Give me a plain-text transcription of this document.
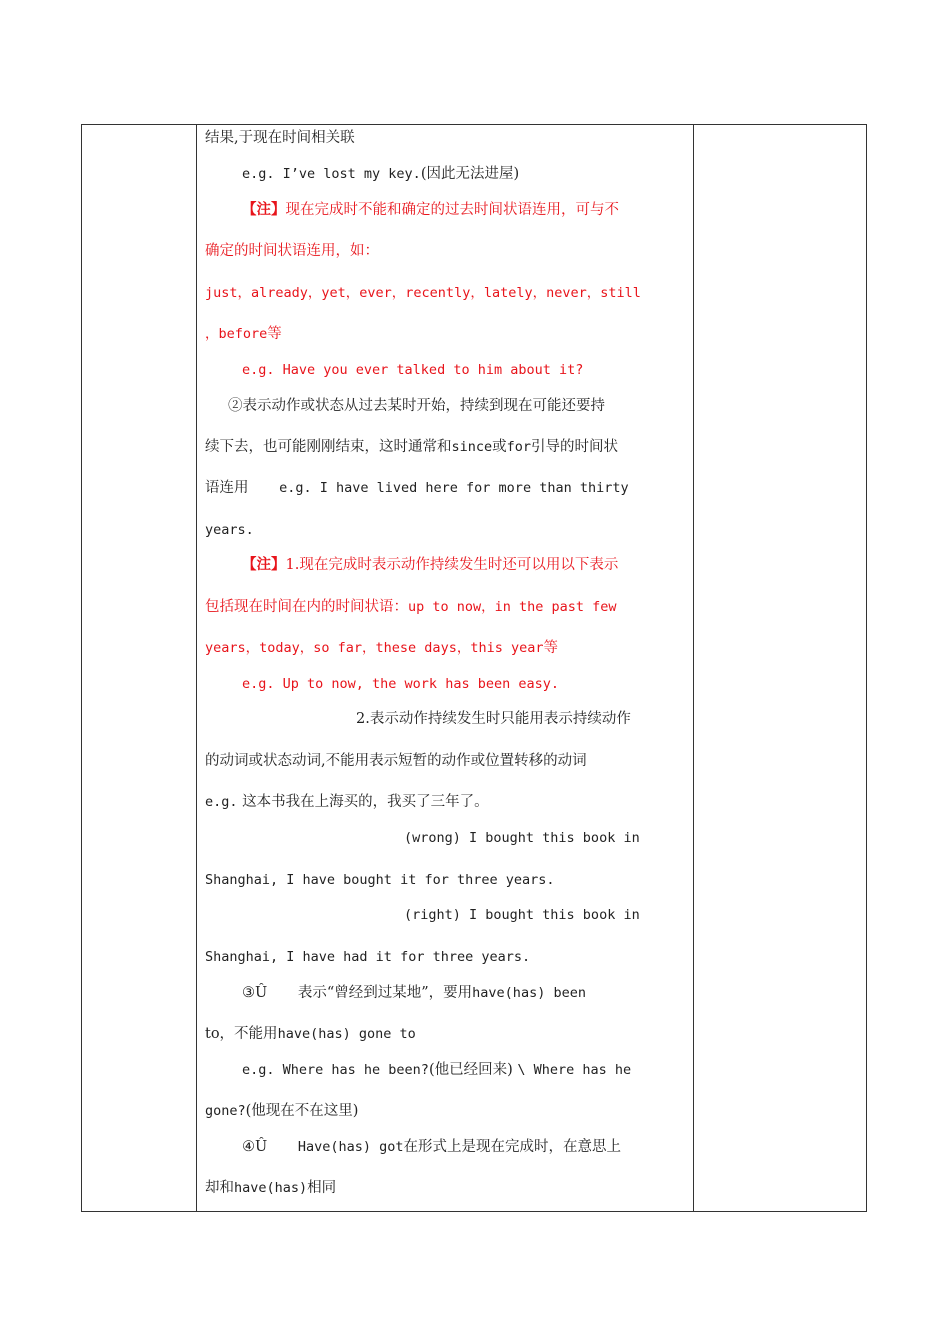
结果,于现在时间相关联
e.g. I’ve lost my key.(因此无法进屋)
【注】现在完成时不能和确定的过去时间状语连用，可与不
确定的时间状语连用，如：
just，already，yet，ever，recently，lately，never，still
，before等
e.g. Have you ever talked to him about it?
②表示动作或状态从过去某时开始，持续到现在可能还要持
续下去，也可能刚刚结束，这时通常和since或for引导的时间状
语连用 e.g. I have lived here for more than thirty
years.
【注】1.现在完成时表示动作持续发生时还可以用以下表示
包括现在时间在内的时间状语：up to now，in the past few
years，today，so far，these days，this year等
e.g. Up to now, the work has been easy.
2.表示动作持续发生时只能用表示持续动作
的动词或状态动词,不能用表示短暂的动作或位置转移的动词
e.g. 这本书我在上海买的，我买了三年了。
(wrong) I bought this book in
Shanghai, I have bought it for three years.
(right) I bought this book in
Shanghai, I have had it for three years.
③Û 表示“曾经到过某地”，要用have(has) been
to，不能用have(has) gone to
e.g. Where has he been?(他已经回来) \ Where has he
gone?(他现在不在这里)
④Û Have(has) got在形式上是现在完成时，在意思上
却和have(has)相同
